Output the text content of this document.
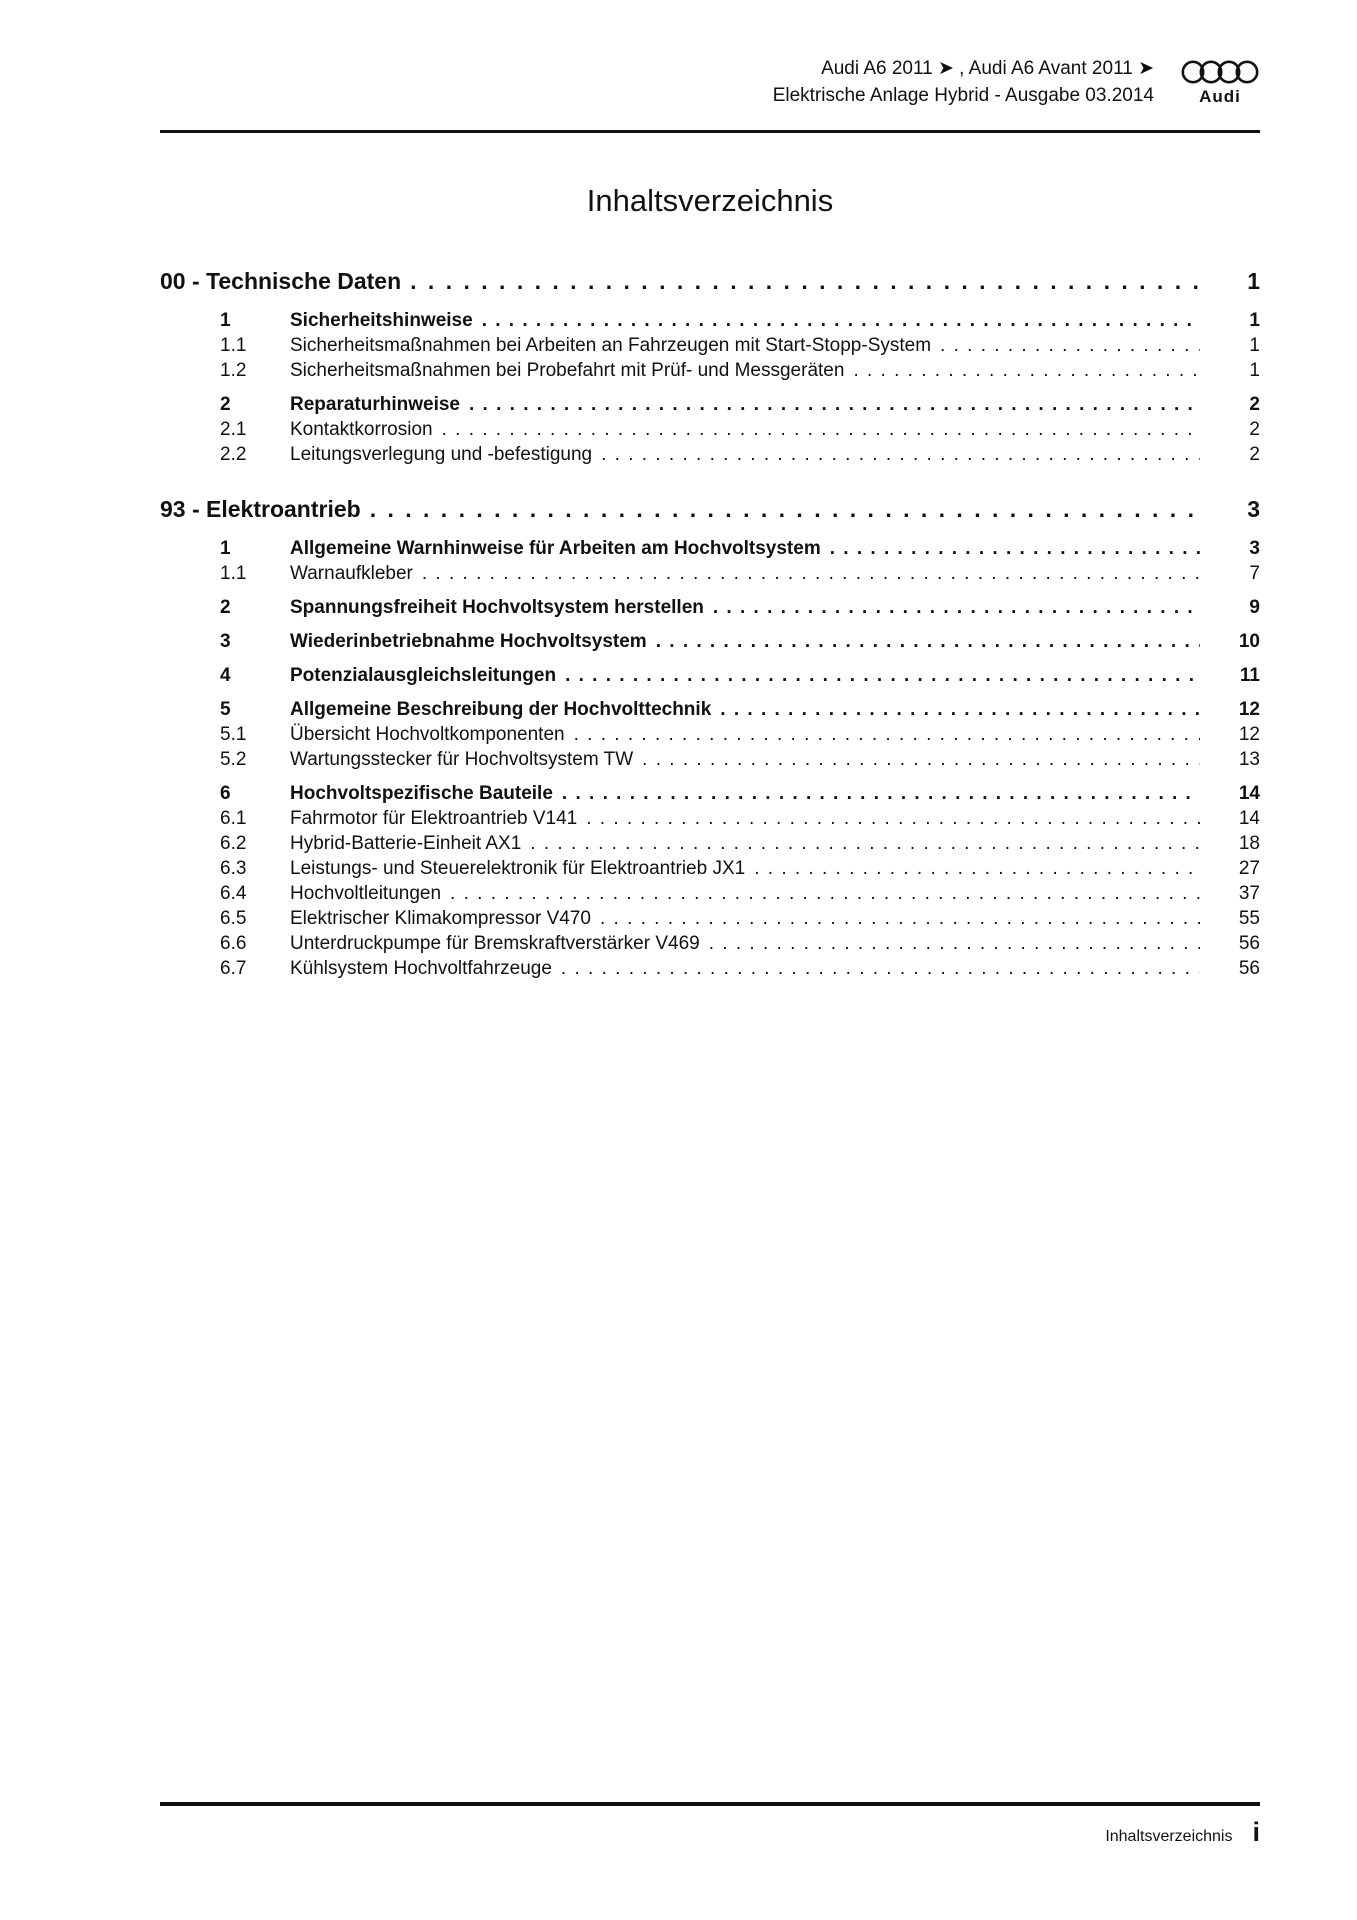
Audi A6 2011 ➤ , Audi A6 Avant 2011 ➤
Elektrische Anlage Hybrid - Ausgabe 03.2014	Audi
Inhaltsverzeichnis
00 - Technische Daten . . .	1
1	Sicherheitshinweise . . .	1
1.1	Sicherheitsmaßnahmen bei Arbeiten an Fahrzeugen mit Start-Stopp-System . . .	1
1.2	Sicherheitsmaßnahmen bei Probefahrt mit Prüf- und Messgeräten . . .	1
2	Reparaturhinweise . . .	2
2.1	Kontaktkorrosion . . .	2
2.2	Leitungsverlegung und -befestigung . . .	2
93 - Elektroantrieb . . .	3
1	Allgemeine Warnhinweise für Arbeiten am Hochvoltsystem . . .	3
1.1	Warnaufkleber . . .	7
2	Spannungsfreiheit Hochvoltsystem herstellen . . .	9
3	Wiederinbetriebnahme Hochvoltsystem . . .	10
4	Potenzialausgleichsleitungen . . .	11
5	Allgemeine Beschreibung der Hochvolttechnik . . .	12
5.1	Übersicht Hochvoltkomponenten . . .	12
5.2	Wartungsstecker für Hochvoltsystem TW . . .	13
6	Hochvoltspezifische Bauteile . . .	14
6.1	Fahrmotor für Elektroantrieb V141 . . .	14
6.2	Hybrid-Batterie-Einheit AX1 . . .	18
6.3	Leistungs- und Steuerelektronik für Elektroantrieb JX1 . . .	27
6.4	Hochvoltleitungen . . .	37
6.5	Elektrischer Klimakompressor V470 . . .	55
6.6	Unterdruckpumpe für Bremskraftverstärker V469 . . .	56
6.7	Kühlsystem Hochvoltfahrzeuge . . .	56
Inhaltsverzeichnis i
